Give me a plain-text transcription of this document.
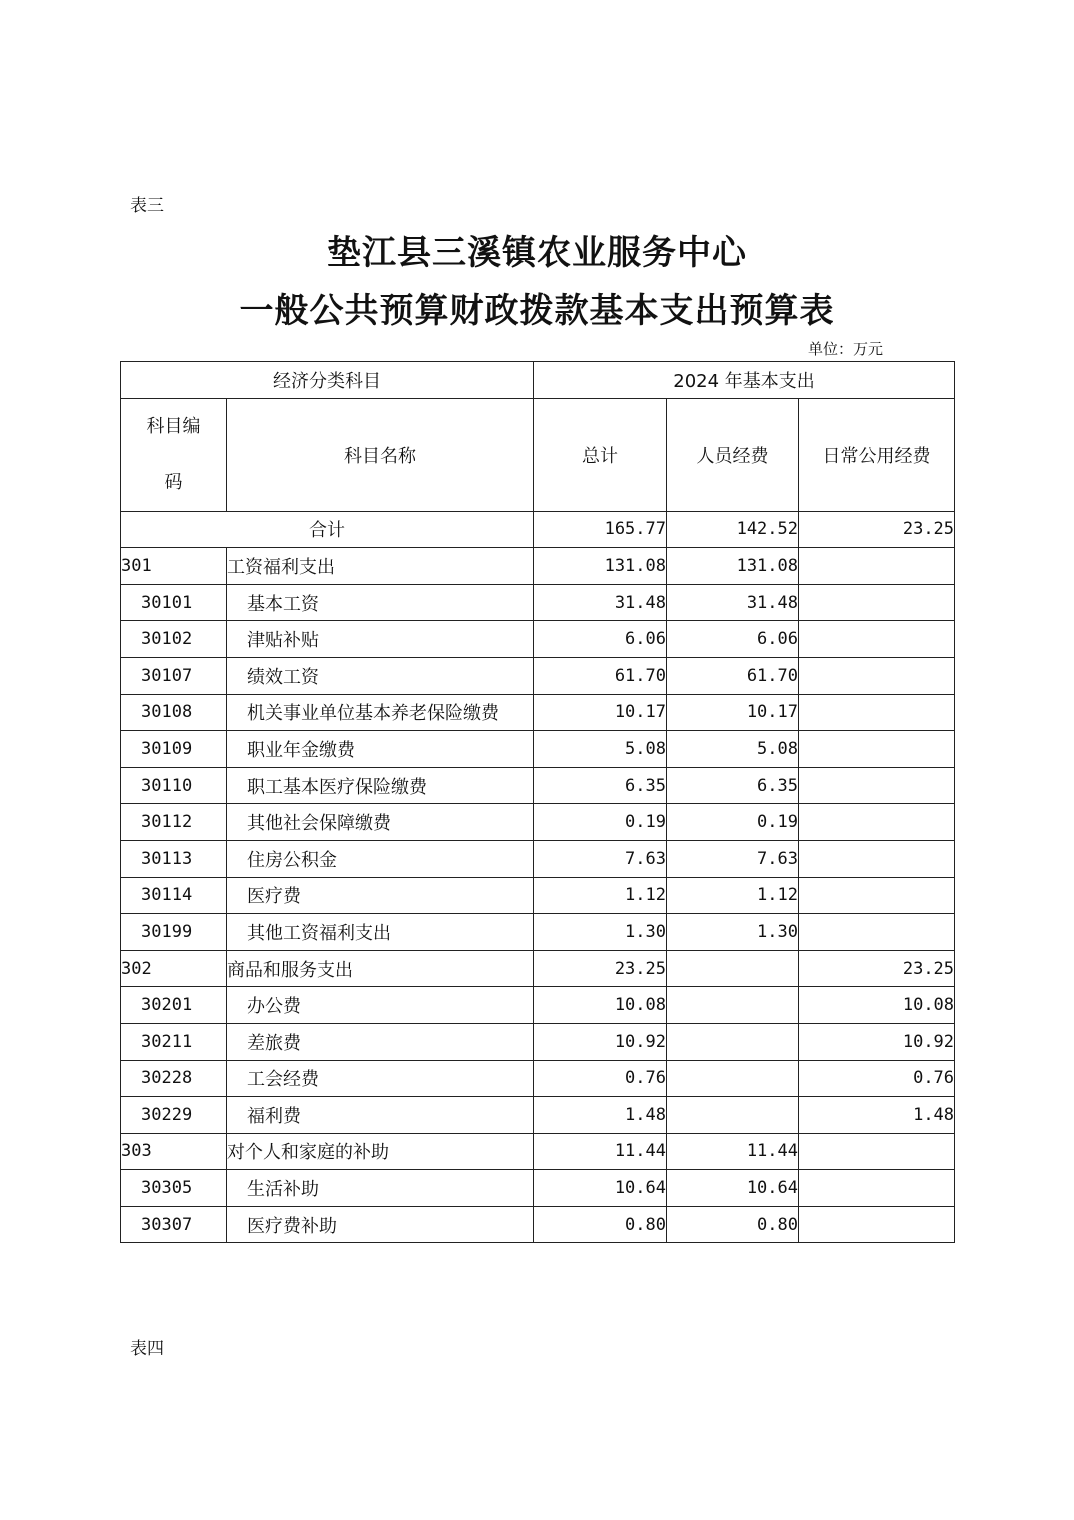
表三
垫江县三溪镇农业服务中心
一般公共预算财政拨款基本支出预算表
单位：万元
经济分类科目		2024 年基本支出		

科目编码	科目名称	总计	人员经费	日常公用经费
合计		165.77	142.52	23.25
301	工资福利支出	131.08	131.08	
30101	基本工资	31.48	31.48	
30102	津贴补贴	6.06	6.06	
30107	绩效工资	61.70	61.70	
30108	机关事业单位基本养老保险缴费	10.17	10.17	
30109	职业年金缴费	5.08	5.08	
30110	职工基本医疗保险缴费	6.35	6.35	
30112	其他社会保障缴费	0.19	0.19	
30113	住房公积金	7.63	7.63	
30114	医疗费	1.12	1.12	
30199	其他工资福利支出	1.30	1.30	
302	商品和服务支出	23.25		23.25
30201	办公费	10.08		10.08
30211	差旅费	10.92		10.92
30228	工会经费	0.76		0.76
30229	福利费	1.48		1.48
303	对个人和家庭的补助	11.44	11.44	
30305	生活补助	10.64	10.64	
30307	医疗费补助	0.80	0.80	
表四
